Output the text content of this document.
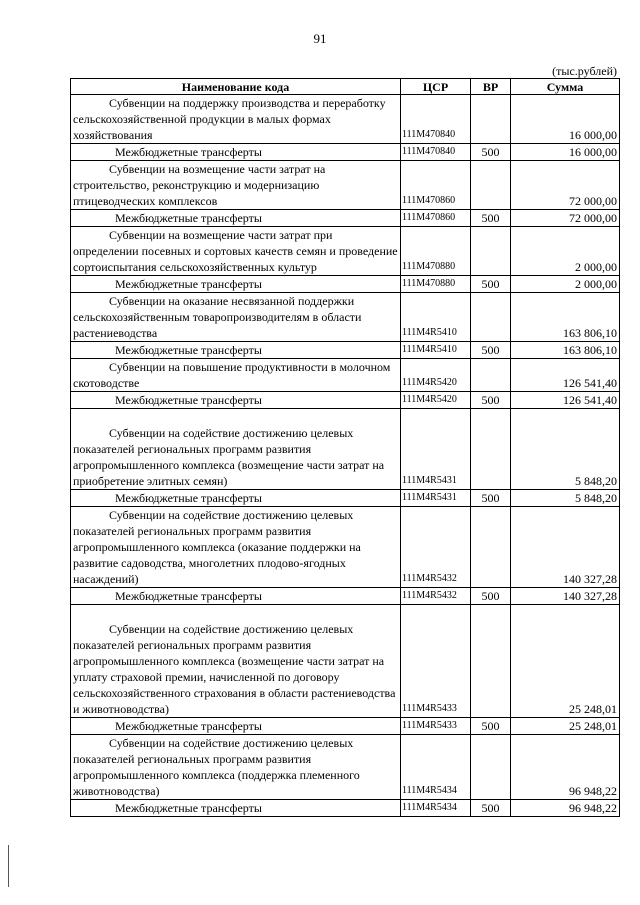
91
(тыс.рублей)
Наименование кода	ЦСР	ВР	Сумма

Субвенции на поддержку производства и переработку сельскохозяйственной продукции в малых формах хозяйствования	111M470840		16 000,00
Межбюджетные трансферты	111M470840	500	16 000,00

Субвенции на возмещение части затрат на строительство, реконструкцию и модернизацию птицеводческих комплексов	111M470860		72 000,00
Межбюджетные трансферты	111M470860	500	72 000,00

Субвенции на возмещение части затрат при определении посевных и сортовых качеств семян и проведение сортоиспытания сельскохозяйственных культур	111M470880		2 000,00
Межбюджетные трансферты	111M470880	500	2 000,00

Субвенции на оказание несвязанной поддержки сельскохозяйственным товаропроизводителям в области растениеводства	111M4R5410		163 806,10
Межбюджетные трансферты	111M4R5410	500	163 806,10

Субвенции на повышение продуктивности в молочном скотоводстве	111M4R5420		126 541,40
Межбюджетные трансферты	111M4R5420	500	126 541,40

Субвенции на содействие достижению целевых показателей региональных программ развития агропромышленного комплекса (возмещение части затрат на приобретение элитных семян)	111M4R5431		5 848,20
Межбюджетные трансферты	111M4R5431	500	5 848,20

Субвенции на содействие достижению целевых показателей региональных программ развития агропромышленного комплекса (оказание поддержки на развитие садоводства, многолетних плодово-ягодных насаждений)	111M4R5432		140 327,28
Межбюджетные трансферты	111M4R5432	500	140 327,28

Субвенции на содействие достижению целевых показателей региональных программ развития агропромышленного комплекса (возмещение части затрат на уплату страховой премии, начисленной по договору сельскохозяйственного страхования в области растениеводства и животноводства)	111M4R5433		25 248,01
Межбюджетные трансферты	111M4R5433	500	25 248,01

Субвенции на содействие достижению целевых показателей региональных программ развития агропромышленного комплекса (поддержка племенного животноводства)	111M4R5434		96 948,22
Межбюджетные трансферты	111M4R5434	500	96 948,22
